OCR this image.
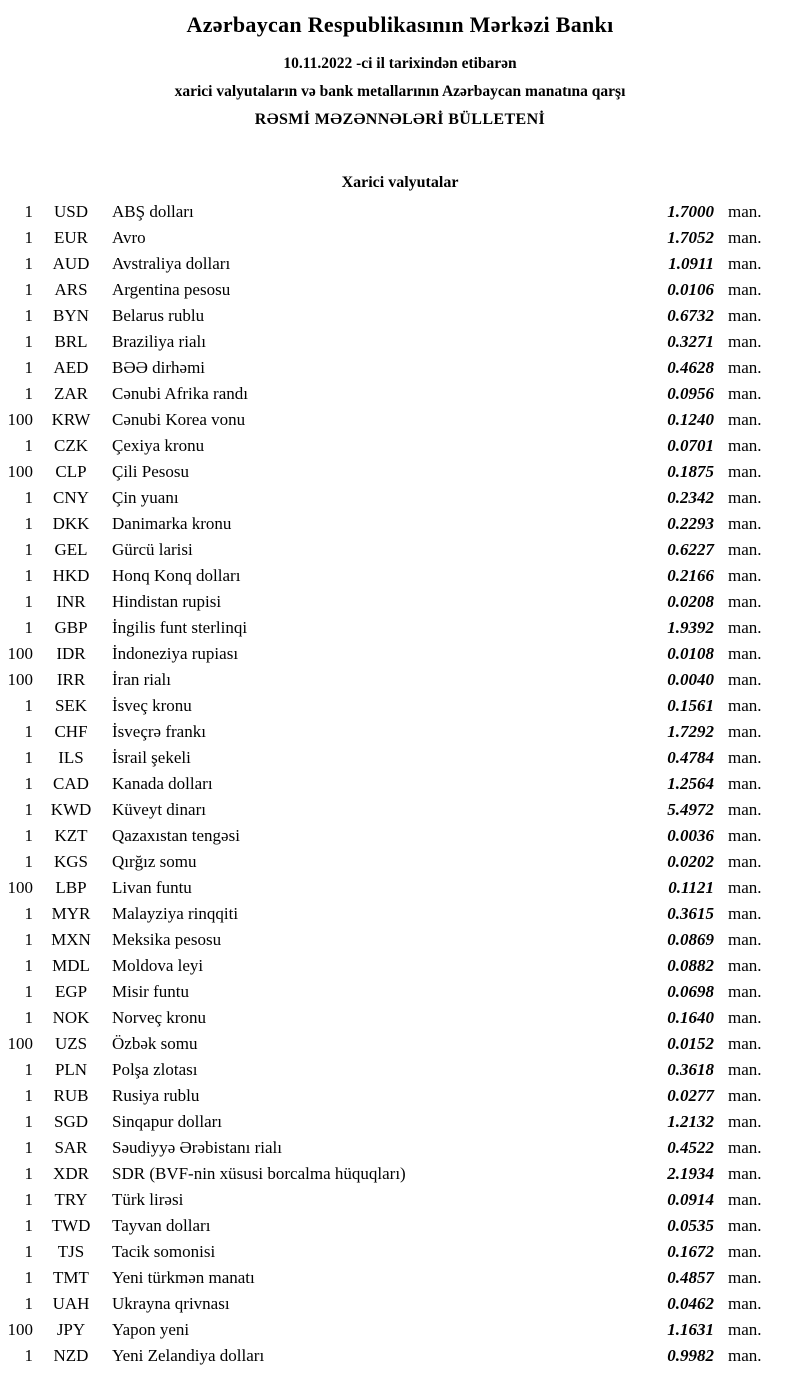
Azərbaycan Respublikasının Mərkəzi Bankı
10.11.2022 -ci il tarixindən etibarən
xarici valyutaların və bank metallarının Azərbaycan manatına qarşı
RƏSMİ MƏZƏNNƏLƏRİ BÜLLETENİ
Xarici valyutalar
1	USD	ABŞ dolları	1.7000 man.
1	EUR	Avro	1.7052 man.
1	AUD	Avstraliya dolları	1.0911 man.
1	ARS	Argentina pesosu	0.0106 man.
1	BYN	Belarus rublu	0.6732 man.
1	BRL	Braziliya rialı	0.3271 man.
1	AED	BƏƏ dirhəmi	0.4628 man.
1	ZAR	Cənubi Afrika randı	0.0956 man.
100	KRW	Cənubi Korea vonu	0.1240 man.
1	CZK	Çexiya kronu	0.0701 man.
100	CLP	Çili Pesosu	0.1875 man.
1	CNY	Çin yuanı	0.2342 man.
1	DKK	Danimarka kronu	0.2293 man.
1	GEL	Gürcü larisi	0.6227 man.
1	HKD	Honq Konq dolları	0.2166 man.
1	INR	Hindistan rupisi	0.0208 man.
1	GBP	İngilis funt sterlinqi	1.9392 man.
100	IDR	İndoneziya rupiası	0.0108 man.
100	IRR	İran rialı	0.0040 man.
1	SEK	İsveç kronu	0.1561 man.
1	CHF	İsveçrə frankı	1.7292 man.
1	ILS	İsrail şekeli	0.4784 man.
1	CAD	Kanada dolları	1.2564 man.
1	KWD	Küveyt dinarı	5.4972 man.
1	KZT	Qazaxıstan tengəsi	0.0036 man.
1	KGS	Qırğız somu	0.0202 man.
100	LBP	Livan funtu	0.1121 man.
1	MYR	Malayziya rinqqiti	0.3615 man.
1	MXN	Meksika pesosu	0.0869 man.
1	MDL	Moldova leyi	0.0882 man.
1	EGP	Misir funtu	0.0698 man.
1	NOK	Norveç kronu	0.1640 man.
100	UZS	Özbək somu	0.0152 man.
1	PLN	Polşa zlotası	0.3618 man.
1	RUB	Rusiya rublu	0.0277 man.
1	SGD	Sinqapur dolları	1.2132 man.
1	SAR	Səudiyyə Ərəbistanı rialı	0.4522 man.
1	XDR	SDR (BVF-nin xüsusi borcalma hüquqları)	2.1934 man.
1	TRY	Türk lirəsi	0.0914 man.
1	TWD	Tayvan dolları	0.0535 man.
1	TJS	Tacik somonisi	0.1672 man.
1	TMT	Yeni türkmən manatı	0.4857 man.
1	UAH	Ukrayna qrivnası	0.0462 man.
100	JPY	Yapon yeni	1.1631 man.
1	NZD	Yeni Zelandiya dolları	0.9982 man.
